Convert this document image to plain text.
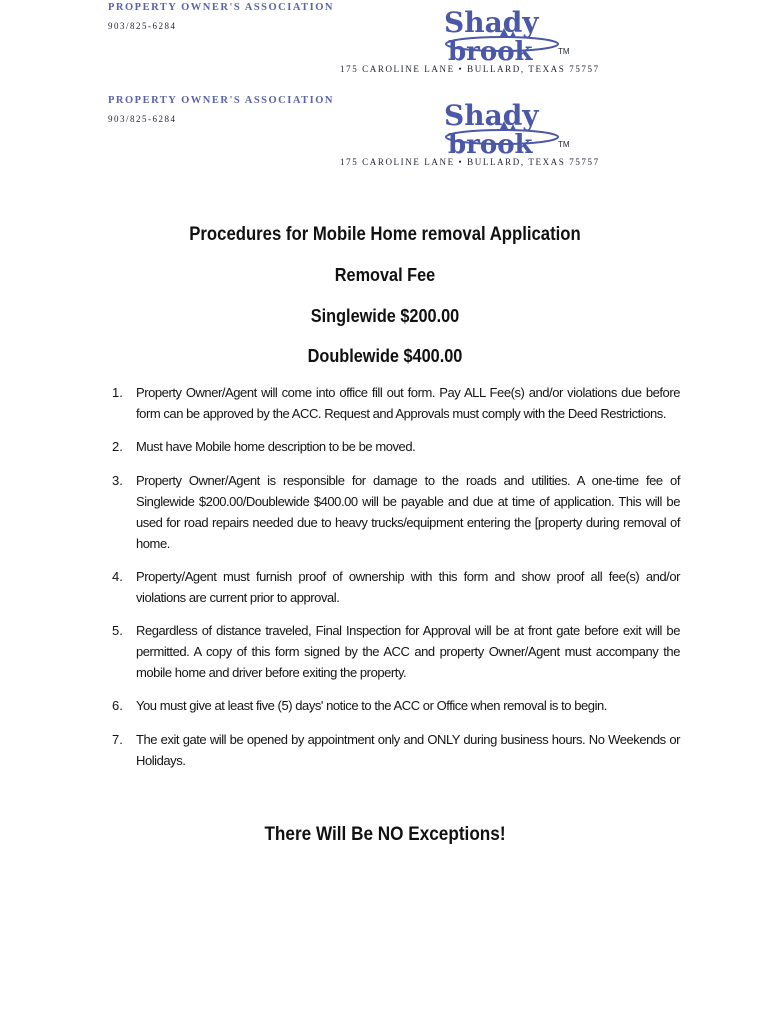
PROPERTY OWNER'S ASSOCIATION
903/825-6284	Shady
brook	TM
175 CAROLINE LANE • BULLARD, TEXAS 75757
PROPERTY OWNER'S ASSOCIATION
903/825-6284	Shady
brook	TM
175 CAROLINE LANE • BULLARD, TEXAS 75757
Procedures for Mobile Home removal Application
Removal Fee
Singlewide $200.00
Doublewide $400.00
1. Property Owner/Agent will come into office fill out form. Pay ALL Fee(s) and/or violations due before form can be approved by the ACC. Request and Approvals must comply with the Deed Restrictions.
2. Must have Mobile home description to be be moved.
3. Property Owner/Agent is responsible for damage to the roads and utilities. A one-time fee of Singlewide $200.00/Doublewide $400.00 will be payable and due at time of application. This will be used for road repairs needed due to heavy trucks/equipment entering the [property during removal of home.
4. Property/Agent must furnish proof of ownership with this form and show proof all fee(s) and/or violations are current prior to approval.
5. Regardless of distance traveled, Final Inspection for Approval will be at front gate before exit will be permitted. A copy of this form signed by the ACC and property Owner/Agent must accompany the mobile home and driver before exiting the property.
6. You must give at least five (5) days' notice to the ACC or Office when removal is to begin.
7. The exit gate will be opened by appointment only and ONLY during business hours. No Weekends or Holidays.
There Will Be NO Exceptions!
